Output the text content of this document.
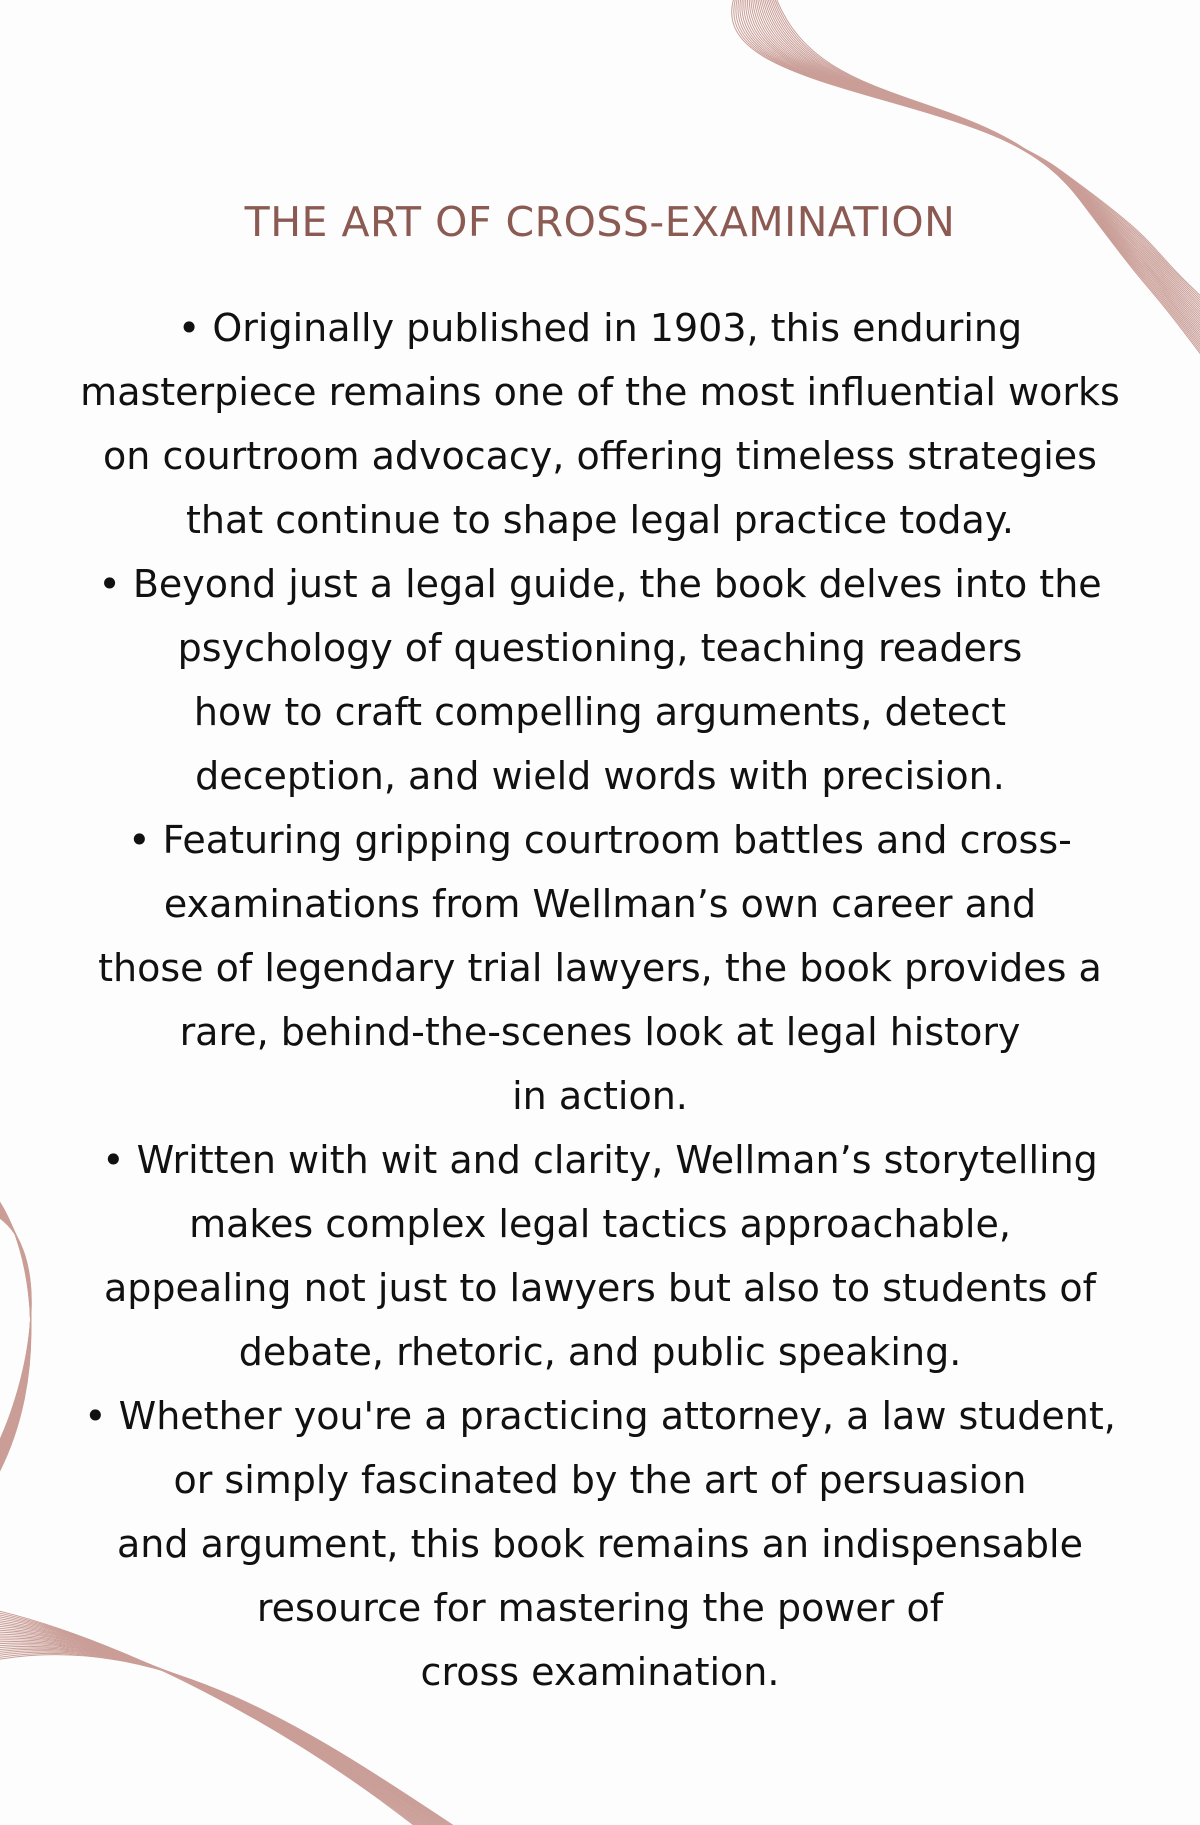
THE ART OF CROSS-EXAMINATION

• Originally published in 1903, this enduring

masterpiece remains one of the most influential works

on courtroom advocacy, offering timeless strategies

that continue to shape legal practice today.

• Beyond just a legal guide, the book delves into the

psychology of questioning, teaching readers

how to craft compelling arguments, detect

deception, and wield words with precision.

• Featuring gripping courtroom battles and cross-

examinations from Wellman’s own career and

those of legendary trial lawyers, the book provides a

rare, behind-the-scenes look at legal history

in action.

• Written with wit and clarity, Wellman’s storytelling

makes complex legal tactics approachable,

appealing not just to lawyers but also to students of

debate, rhetoric, and public speaking.

• Whether you're a practicing attorney, a law student,

or simply fascinated by the art of persuasion

and argument, this book remains an indispensable

resource for mastering the power of

cross examination.
